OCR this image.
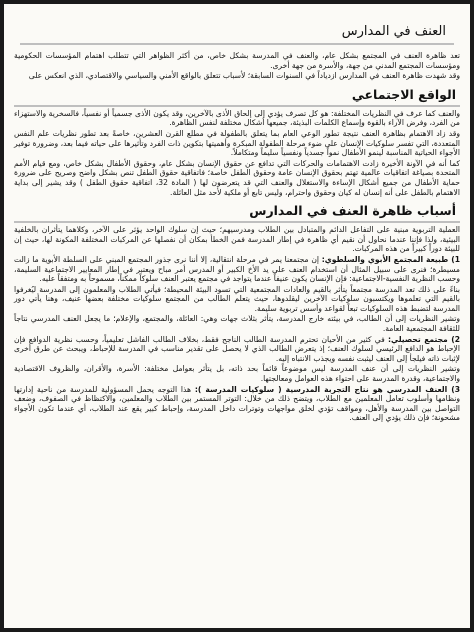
العنف في المدارس

تعد ظاهرة العنف في المجتمع بشكل عام، والعنف في المدرسة بشكل خاص، من أكثر الظواهر التي تتطلب اهتمام المؤسسات الحكومية ومؤسسات المجتمع المدني من جهة، والأسرة من جهة أخرى.

وقد شهدت ظاهرة العنف في المدارس ازدياداً في السنوات السابقة؛ لأسباب تتعلق بالواقع الأمني والسياسي والاقتصادي، الذي انعكس على

الواقع الاجتماعي

والعنف كما عرف في النظريات المختلفة: هو كل تصرف يؤدي إلى إلحاق الأذى بالآخرين، وقد يكون الأذى جسمياً أو نفسياً، فالسخرية والاستهزاء من الفرد، وفرض الآراء بالقوة وإسماع الكلمات البذيئة، جميعها أشكال مختلفة لنفس الظاهرة.

وقد زاد الاهتمام بظاهرة العنف نتيجة تطور الوعي العام بما يتعلق بالطفولة في مطلع القرن العشرين، خاصةً بعد تطور نظريات علم النفس المتعددة، التي تفسر سلوكيات الإنسان على ضوء مرحلة الطفولة المبكرة وأهميتها بتكوين ذات الفرد وتأثيرها على حياته فيما بعد، وضرورة توفير الأجواء الحياتية المناسبة لينمو الأطفال نمواً جسدياً ونفسياً سليماً ومتكاملاً.

كما أنه في الآونة الأخيرة زادت الاهتمامات والحركات التي تدافع عن حقوق الإنسان بشكل عام، وحقوق الأطفال بشكل خاص، ومع قيام الأمم المتحدة بصياغة اتفاقيات عالمية تهتم بحقوق الإنسان عامة وحقوق الطفل خاصة؛ فاتفاقية حقوق الطفل تنص بشكل واضح وصريح على ضرورة حماية الأطفال من جميع أشكال الإساءة والاستغلال والعنف التي قد يتعرضون لها ( المادة 32، اتفاقية حقوق الطفل ) وقد يشير إلى بداية الاهتمام بالطفل على أنه إنسان له كيان وحقوق واحترام، وليس تابع أو ملكية لأحد مثل العائلة.

أسباب ظاهرة العنف في المدارس

العملية التربوية مبنية على التفاعل الدائم والمتبادل بين الطلاب ومدرسيهم؛ حيث إن سلوك الواحد يؤثر على الآخر، وكلاهما يتأثران بالخلفية البيئية، ولذا فإننا عندما نحاول أن نقيم أي ظاهرة في إطار المدرسة فمن الخطأ بمكان أن نفصلها عن المركبات المختلفة المكونة لها، حيث إن للبيئة دوراً كبيراً من هذه المركبات.

1) طبيعة المجتمع الأبوي والسلطوي: إن مجتمعنا يمر في مرحلة انتقالية، إلا أننا نرى جذور المجتمع المبني على السلطة الأبوية ما زالت مسيطرة؛ فنرى على سبيل المثال أن استخدام العنف على يد الأخ الكبير أو المدرس أمر مباح ويعتبر في إطار المعايير الاجتماعية السليمة، وحسب النظرية النفسية-الاجتماعية: فإن الإنسان يكون عنيفاً عندما يتواجد في مجتمع يعتبر العنف سلوكاً ممكناً، مسموحاً به ومتفقاً عليه.

بناءً على ذلك تعد المدرسة مجتمعاً يتأثر بالقيم والعادات المجتمعية التي تسود البيئة المحيطة؛ فيأتي الطلاب والمعلمون إلى المدرسة ليُغرفوا بالقيم التي تعلموها ويكتسبون سلوكيات الآخرين ليقلدوها، حيث يتعلم الطالب من المجتمع سلوكيات مختلفة بعضها عنيف، وهنا يأتي دور المدرسة لتضبط هذه السلوكيات تبعاً لقواعد وأسس تربوية سليمة.

وتشير النظريات إلى أن الطالب، في بيئته خارج المدرسة، يتأثر بثلاث جهات وهي: العائلة، والمجتمع، والإعلام؛ ما يجعل العنف المدرسي نتاجاً للثقافة المجتمعية العامة.

2) مجتمع تحصيلي: في كثير من الأحيان تحترم المدرسة الطالب الناجح فقط، بخلاف الطالب الفاشل تعليمياً، وحسب نظرية الدوافع فإن الإحباط هو الدافع الرئيسي لسلوك العنف؛ إذ يتعرض الطالب الذي لا يحصل على تقدير مناسب في المدرسة للإحباط، ويبحث عن طرق أخرى لإثبات ذاته فيلجأ إلى العنف ليثبت نفسه ويجذب الانتباه إليه.

وتشير النظريات إلى أن عنف المدرسة ليس موضوعاً قائماً بحد ذاته، بل يتأثر بعوامل مختلفة: الأسرة، والأقران، والظروف الاقتصادية والاجتماعية، وقدرة المدرسة على احتواء هذه العوامل ومعالجتها.

3) العنف المدرسي هو نتاج التجربة المدرسية ( سلوكيات المدرسة ): هذا التوجه يحمل المسؤولية للمدرسة من ناحية إدارتها ونظامها وأسلوب تعامل المعلمين مع الطلاب، ويتضح ذلك من خلال: التوتر المستمر بين الطلاب والمعلمين، والاكتظاظ في الصفوف، وضعف التواصل بين المدرسة والأهل، ومواقف تؤدي لخلق مواجهات وتوترات داخل المدرسة، وإحباط كبير يقع عند الطلاب، أي عندما تكون الأجواء مشحونة؛ فإن ذلك يؤدي إلى العنف.
